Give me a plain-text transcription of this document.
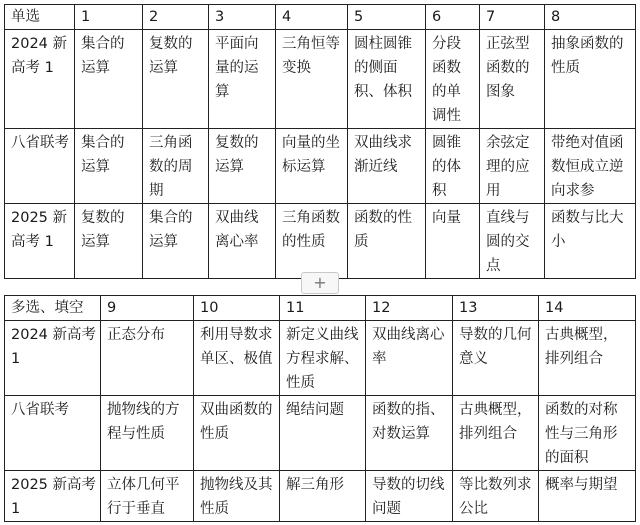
单选	1	2	3	4	5	6	7	8
2024 新高考 1	集合的运算	复数的运算	平面向量的运算	三角恒等变换	圆柱圆锥的侧面积、体积	分段函数的单调性	正弦型函数的图象	抽象函数的性质
八省联考	集合的运算	三角函数的周期	复数的运算	向量的坐标运算	双曲线求渐近线	圆锥的体积	余弦定理的应用	带绝对值函数恒成立逆向求参
2025 新高考 1	复数的运算	集合的运算	双曲线离心率	三角函数的性质	函数的性质	向量	直线与圆的交点	函数与比大小
+
多选、填空	9	10	11	12	13	14
2024 新高考 1	正态分布	利用导数求单区、极值	新定义曲线方程求解、性质	双曲线离心率	导数的几何意义	古典概型，排列组合
八省联考	抛物线的方程与性质	双曲函数的性质	绳结问题	函数的指、对数运算	古典概型，排列组合	函数的对称性与三角形的面积
2025 新高考 1	立体几何平行于垂直	抛物线及其性质	解三角形	导数的切线问题	等比数列求公比	概率与期望
